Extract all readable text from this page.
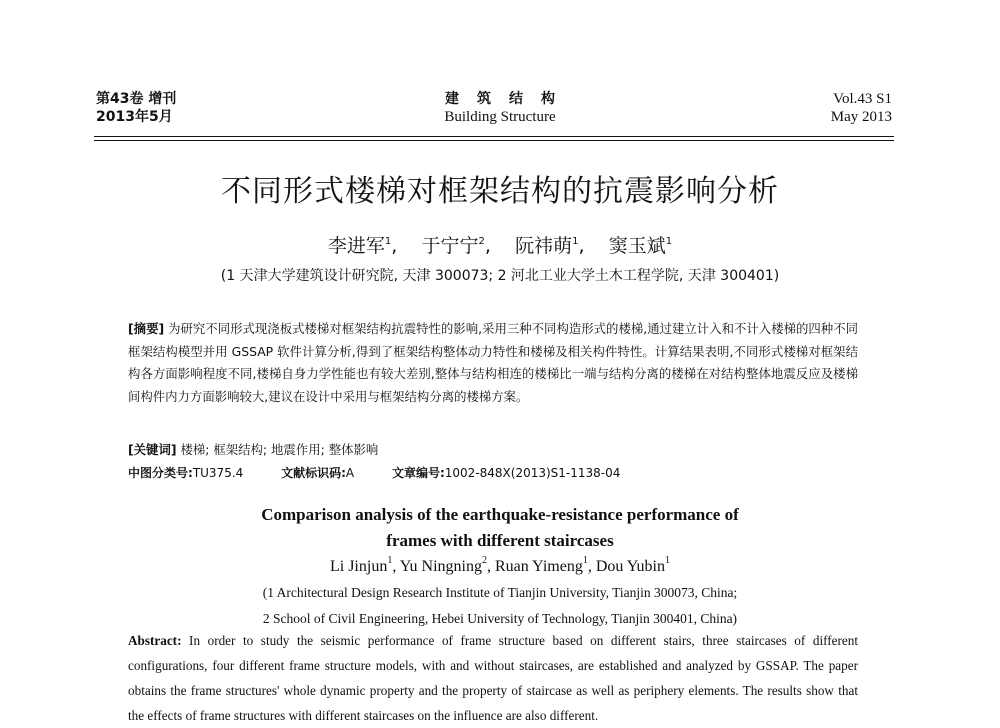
第43卷 增刊
2013年5月
建筑结构
Building Structure
Vol.43 S1
May 2013
不同形式楼梯对框架结构的抗震影响分析
李进军$^1$,    于宁宁$^2$,    阮祎萌$^1$,    窦玉斌$^1$
(1 天津大学建筑设计研究院, 天津 300073; 2 河北工业大学土木工程学院, 天津 300401)
[摘要] 为研究不同形式现浇板式楼梯对框架结构抗震特性的影响,采用三种不同构造形式的楼梯,通过建立计入和不计入楼梯的四种不同框架结构模型并用 GSSAP 软件计算分析,得到了框架结构整体动力特性和楼梯及相关构件特性。计算结果表明,不同形式楼梯对框架结构各方面影响程度不同,楼梯自身力学性能也有较大差别,整体与结构相连的楼梯比一端与结构分离的楼梯在对结构整体地震反应及楼梯间构件内力方面影响较大,建议在设计中采用与框架结构分离的楼梯方案。
[关键词] 楼梯; 框架结构; 地震作用; 整体影响
中图分类号:TU375.4	文献标识码:A	文章编号:1002-848X(2013)S1-1138-04
Comparison analysis of the earthquake-resistance performance of
frames with different staircases
Li Jinjun$^1$, Yu Ningning$^2$, Ruan Yimeng$^1$, Dou Yubin$^1$
(1 Architectural Design Research Institute of Tianjin University, Tianjin 300073, China;
2 School of Civil Engineering, Hebei University of Technology, Tianjin 300401, China)
Abstract: In order to study the seismic performance of frame structure based on different stairs, three staircases of different configurations, four different frame structure models, with and without staircases, are established and analyzed by GSSAP. The paper obtains the frame structures' whole dynamic property and the property of staircase as well as periphery elements. The results show that the effects of frame structures with different staircases on the influence are also different.
